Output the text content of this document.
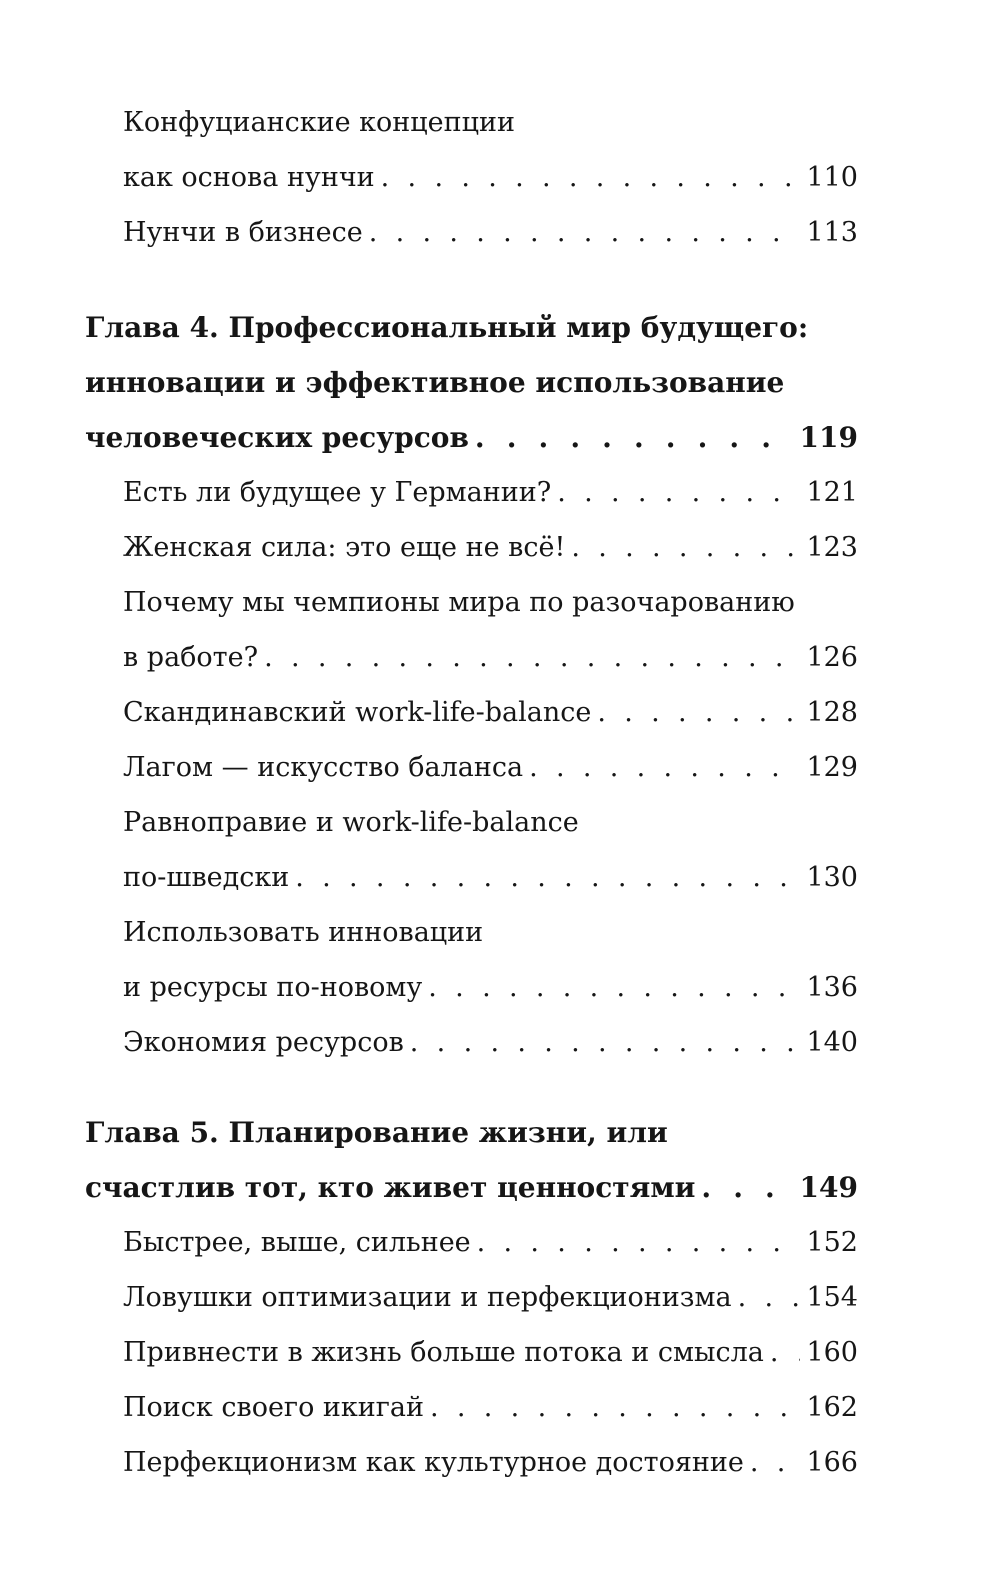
Конфуцианские концепции
как основа нунчи . . .	110
Нунчи в бизнесе . . .	113
Глава 4. Профессиональный мир будущего:
инновации и эффективное использование
человеческих ресурсов . . .	119
Есть ли будущее у Германии? . . .	121
Женская сила: это еще не всё! . . .	123
Почему мы чемпионы мира по разочарованию
в работе? . . .	126
Скандинавский work-life-balance . . .	128
Лагом — искусство баланса . . .	129
Равноправие и work-life-balance
по-шведски . . .	130
Использовать инновации
и ресурсы по-новому . . .	136
Экономия ресурсов . . .	140
Глава 5. Планирование жизни, или
счастлив тот, кто живет ценностями . . .	149
Быстрее, выше, сильнее . . .	152
Ловушки оптимизации и перфекционизма . . .	154
Привнести в жизнь больше потока и смысла . . . 160
Поиск своего икигай . . .	162
Перфекционизм как культурное достояние . . . 166
